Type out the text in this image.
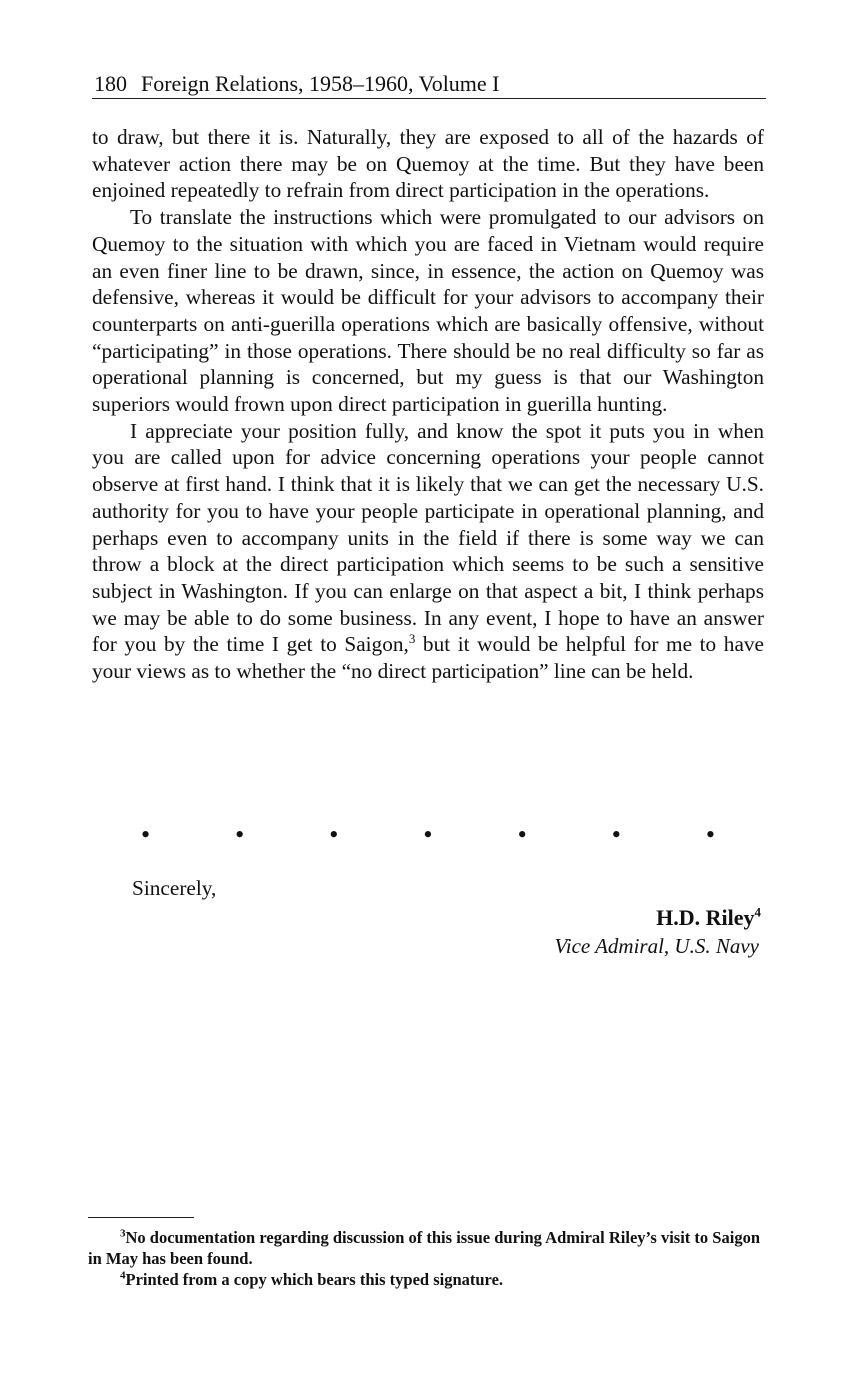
180 Foreign Relations, 1958–1960, Volume I

to draw, but there it is. Naturally, they are exposed to all of the hazards of whatever action there may be on Quemoy at the time. But they have been enjoined repeatedly to refrain from direct participation in the operations.

To translate the instructions which were promulgated to our advisors on Quemoy to the situation with which you are faced in Vietnam would require an even finer line to be drawn, since, in essence, the action on Quemoy was defensive, whereas it would be difficult for your advisors to accompany their counterparts on anti-guerilla operations which are basically offensive, without “participating” in those operations. There should be no real difficulty so far as operational planning is concerned, but my guess is that our Washington superiors would frown upon direct participation in guerilla hunting.

I appreciate your position fully, and know the spot it puts you in when you are called upon for advice concerning operations your people cannot observe at first hand. I think that it is likely that we can get the necessary U.S. authority for you to have your people participate in operational planning, and perhaps even to accompany units in the field if there is some way we can throw a block at the direct participation which seems to be such a sensitive subject in Washington. If you can enlarge on that aspect a bit, I think perhaps we may be able to do some business. In any event, I hope to have an answer for you by the time I get to Saigon,$^3$ but it would be helpful for me to have your views as to whether the “no direct participation” line can be held.

•	•	•	•	•	•	•
Sincerely,
H.D. Riley$^4$
Vice Admiral, U.S. Navy

$^3$No documentation regarding discussion of this issue during Admiral Riley’s visit to Saigon in May has been found.

$^4$Printed from a copy which bears this typed signature.
